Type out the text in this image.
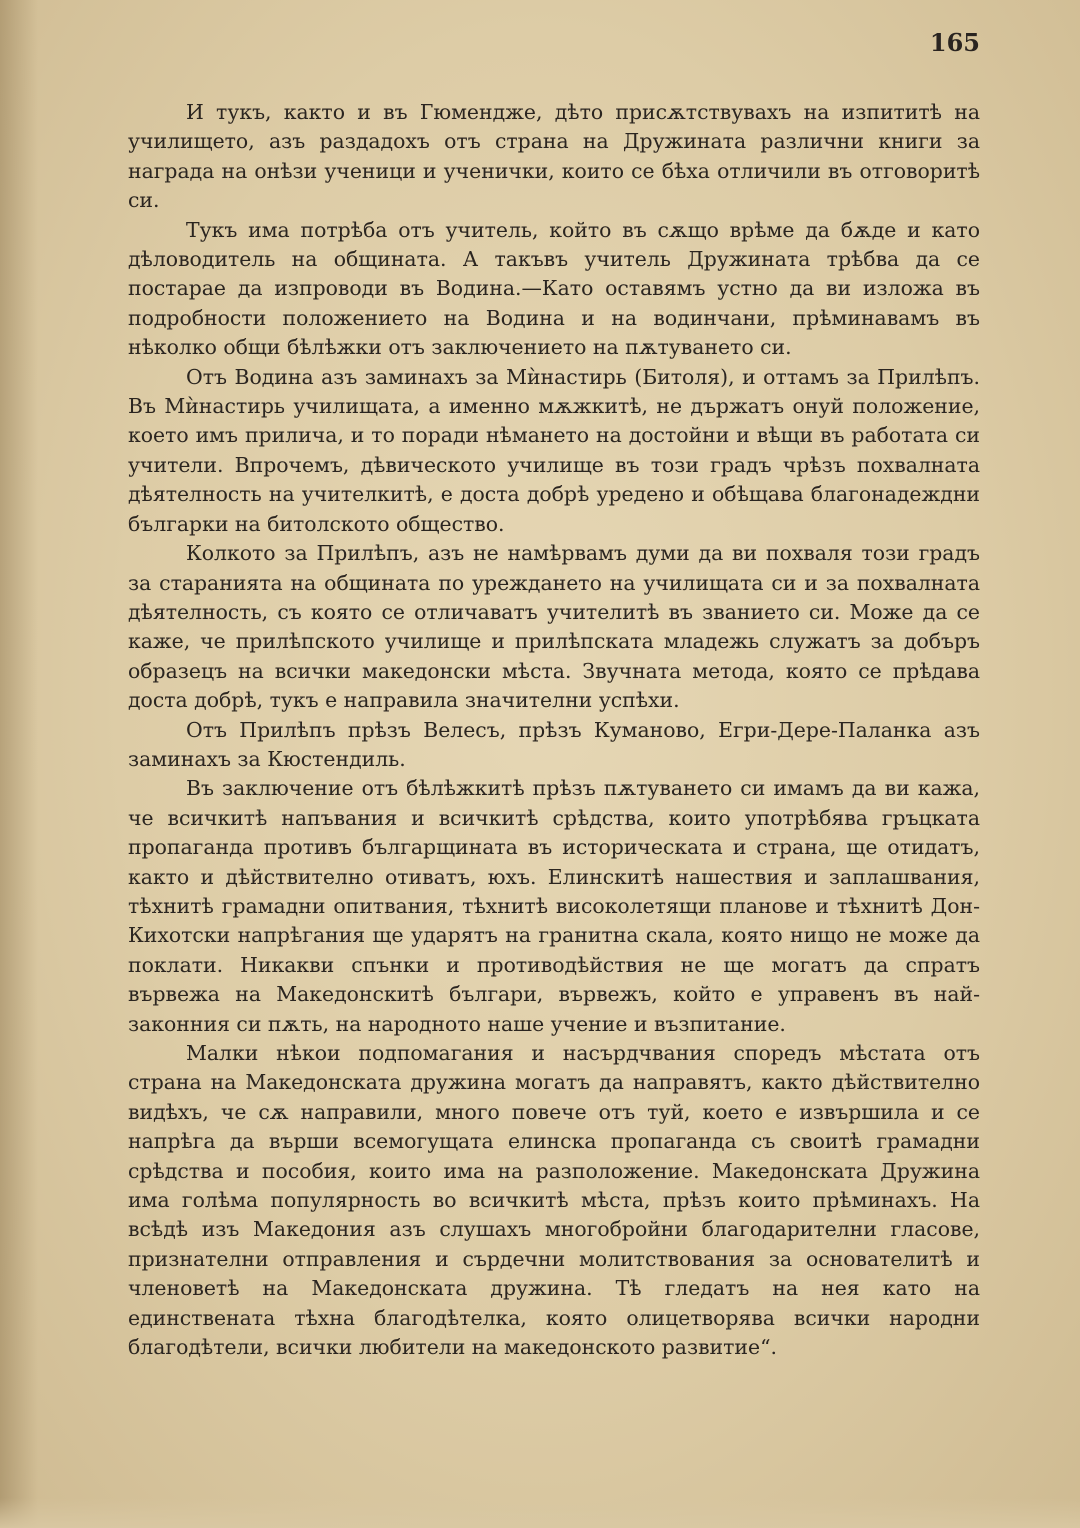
165

И тукъ, както и въ Гюменджe, дѣто присѫтствувахъ на изпититѣ на училището, азъ раздадохъ отъ страна на Дружината различни книги за награда на онѣзи ученици и ученички, които се бѣха отличили въ отговоритѣ си.

Тукъ има потрѣба отъ учитель, който въ сѫщо врѣме да бѫде и като дѣловодитель на общината. А такъвъ учитель Дружината трѣбва да се постарае да изпроводи въ Водина.—Като оставямъ устно да ви изложа въ подробности положението на Водина и на водинчани, прѣминавамъ въ нѣколко общи бѣлѣжки отъ заключението на пѫтуването си.

Отъ Водина азъ заминахъ за Мѝнастирь (Битоля), и оттамъ за Прилѣпъ. Въ Мѝнастирь училищата, а именно мѫжкитѣ, не държатъ онуй положение, което имъ прилича, и то поради нѣманeто на достойни и вѣщи въ работата си учители. Впрочемъ, дѣвическото училище въ този градъ чрѣзъ похвалната дѣятелность на учителкитѣ, е доста добрѣ уредено и обѣщава благонадеждни българки на битолското общество.

Колкото за Прилѣпъ, азъ не намѣрвамъ думи да ви похваля този градъ за старанията на общината по уреждането на училищата си и за похвалната дѣятелность, съ която се отличаватъ учителитѣ въ званието си. Може да се каже, че прилѣпското училище и прилѣпската младежь служатъ за добъръ образецъ на всички македонски мѣста. Звучната метода, която се прѣдава доста добрѣ, тукъ е направила значителни успѣхи.

Отъ Прилѣпъ прѣзъ Велесъ, прѣзъ Куманово, Егри-Дере-Паланка азъ заминахъ за Кюстендиль.

Въ заключение отъ бѣлѣжкитѣ прѣзъ пѫтуването си имамъ да ви кажа, че всичкитѣ напъвания и всичкитѣ срѣдства, които употрѣбява гръцката пропаганда противъ българщината въ историческата и страна, ще отидатъ, както и дѣйствително отиватъ, юхъ. Елинскитѣ нашествия и заплашвания, тѣхнитѣ грамадни опитвания, тѣхнитѣ високолетящи планове и тѣхнитѣ Дон-Кихотски напрѣгания ще ударятъ на гранитна скала, която нищо не може да поклати. Никакви спънки и противодѣйствия не ще могатъ да спратъ вървежа на Македонскитѣ българи, вървежъ, който е управенъ въ най-законния си пѫть, на народното наше учение и възпитание.

Малки нѣкои подпомагания и насърдчвания споредъ мѣстата отъ страна на Македонската дружина могатъ да направятъ, както дѣйствително видѣхъ, че сѫ направили, много повече отъ туй, което е извършила и се напрѣга да върши всемогущата елинска пропаганда съ своитѣ грамадни срѣдства и пособия, които има на разположение. Македонската Дружина има голѣма популярность во всичкитѣ мѣста, прѣзъ които прѣминахъ. На всѣдѣ изъ Македония азъ слушахъ многобройни благодарителни гласове, признателни отправления и сърдечни молитствования за основателитѣ и членоветѣ на Македонската дружина. Тѣ гледатъ на нея като на единствената тѣхна благодѣтелка, която олицетворява всички народни благодѣтели, всички любители на македонското развитие“.
